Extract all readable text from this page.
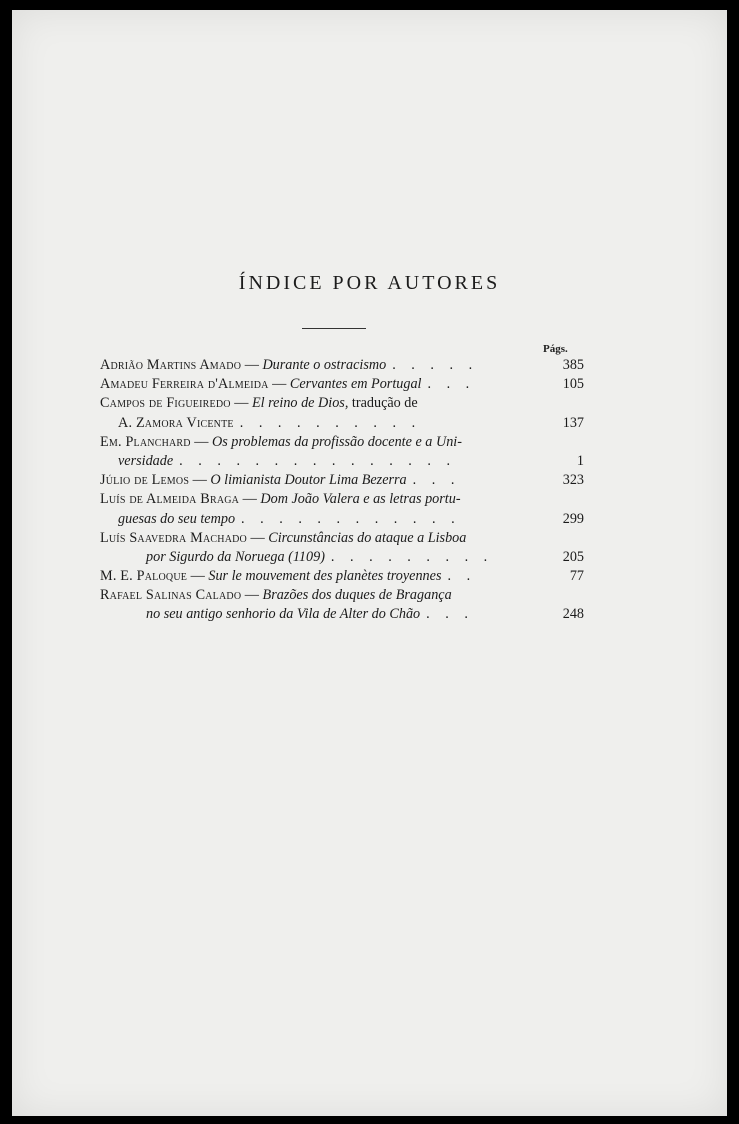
ÍNDICE POR AUTORES
Págs.
Adrião Martins Amado — Durante o ostracismo . . . . .	385
Amadeu Ferreira d'Almeida — Cervantes em Portugal . . .	105
Campos de Figueiredo — El reino de Dios, tradução de
A. Zamora Vicente . . . . . . . . . .	137
Em. Planchard — Os problemas da profissão docente e a Uni-
versidade . . . . . . . . . . . . . . .	1
Júlio de Lemos — O limianista Doutor Lima Bezerra . . .	323
Luís de Almeida Braga — Dom João Valera e as letras portu-
guesas do seu tempo . . . . . . . . . . . .	299
Luís Saavedra Machado — Circunstâncias do ataque a Lisboa
por Sigurdo da Noruega (1109) . . . . . . . . .	205
M. E. Paloque — Sur le mouvement des planètes troyennes . .	77
Rafael Salinas Calado — Brazões dos duques de Bragança
no seu antigo senhorio da Vila de Alter do Chão . . .	248
